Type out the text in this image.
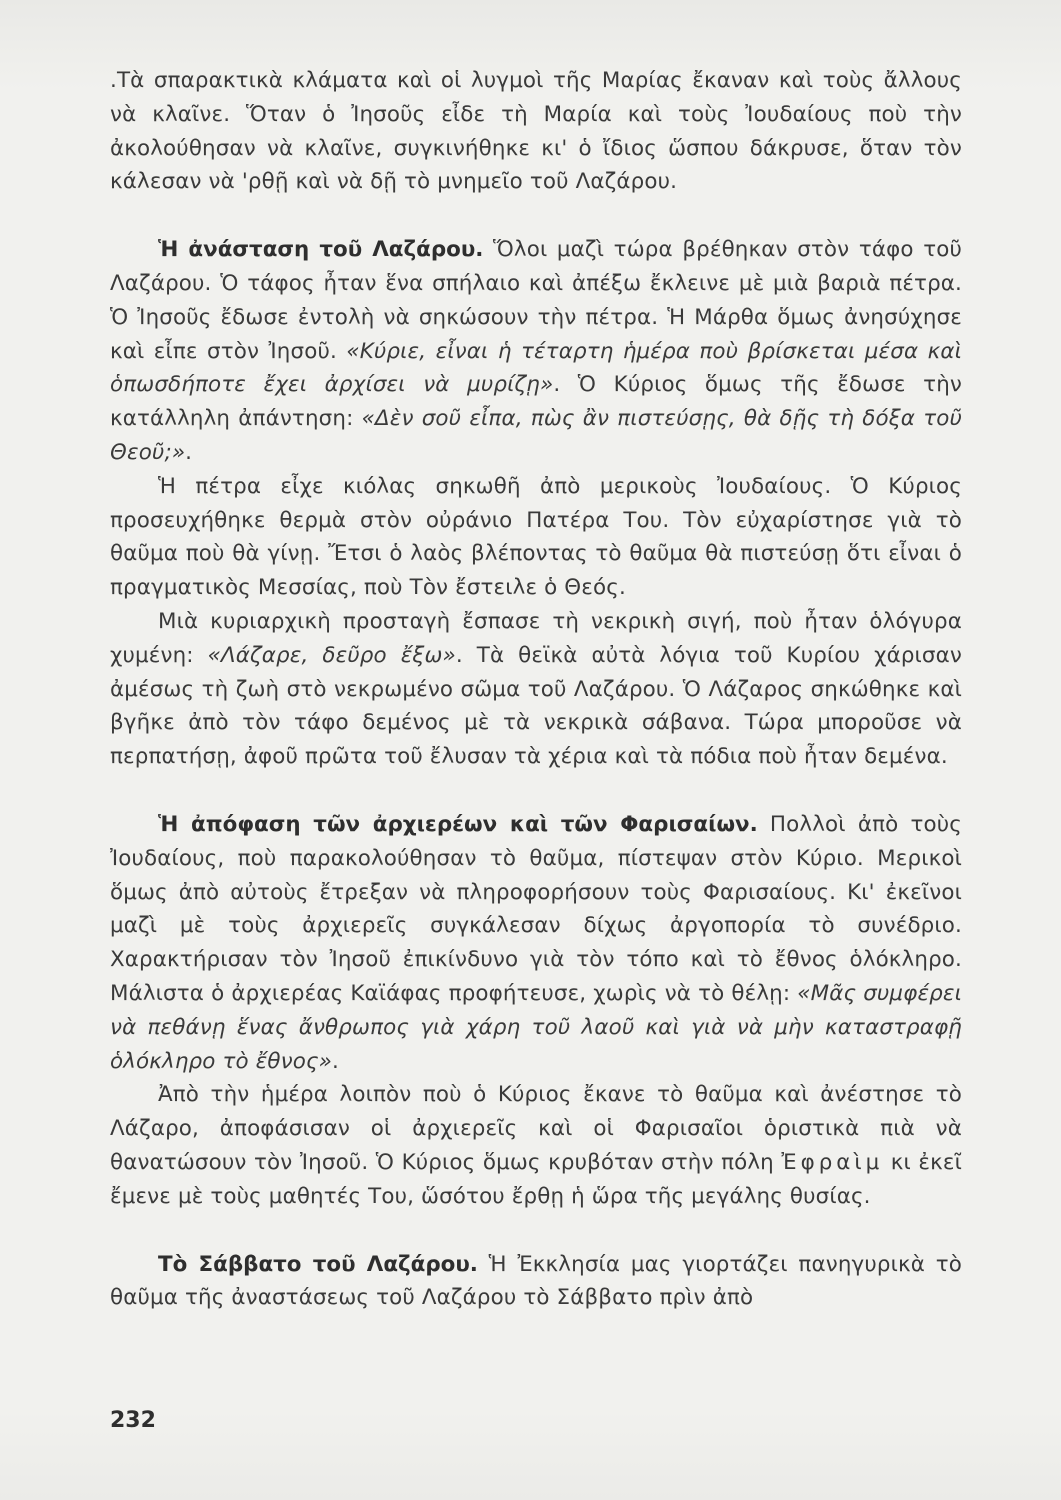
.Τὰ σπαρακτικὰ κλάματα καὶ οἱ λυγμοὶ τῆς Μαρίας ἔκαναν καὶ τοὺς ἄλλους νὰ κλαῖνε. Ὅταν ὁ Ἰησοῦς εἶδε τὴ Μαρία καὶ τοὺς Ἰουδαίους ποὺ τὴν ἀκολούθησαν νὰ κλαῖνε, συγκινήθηκε κι' ὁ ἴδιος ὥσπου δάκρυσε, ὅταν τὸν κάλεσαν νὰ 'ρθῇ καὶ νὰ δῇ τὸ μνημεῖο τοῦ Λαζάρου.

Ἡ ἀνάσταση τοῦ Λαζάρου. Ὅλοι μαζὶ τώρα βρέθηκαν στὸν τάφο τοῦ Λαζάρου. Ὁ τάφος ἦταν ἕνα σπήλαιο καὶ ἀπέξω ἔκλεινε μὲ μιὰ βαριὰ πέτρα. Ὁ Ἰησοῦς ἔδωσε ἐντολὴ νὰ σηκώσουν τὴν πέτρα. Ἡ Μάρθα ὅμως ἀνησύχησε καὶ εἶπε στὸν Ἰησοῦ. «Κύριε, εἶναι ἡ τέταρτη ἡμέρα ποὺ βρίσκεται μέσα καὶ ὁπωσδήποτε ἔχει ἀρχίσει νὰ μυρίζῃ». Ὁ Κύριος ὅμως τῆς ἔδωσε τὴν κατάλληλη ἀπάντηση: «Δὲν σοῦ εἶπα, πὼς ἂν πιστεύσῃς, θὰ δῇς τὴ δόξα τοῦ Θεοῦ;».

Ἡ πέτρα εἶχε κιόλας σηκωθῆ ἀπὸ μερικοὺς Ἰουδαίους. Ὁ Κύριος προσευχήθηκε θερμὰ στὸν οὐράνιο Πατέρα Του. Τὸν εὐχαρίστησε γιὰ τὸ θαῦμα ποὺ θὰ γίνῃ. Ἔτσι ὁ λαὸς βλέποντας τὸ θαῦμα θὰ πιστεύσῃ ὅτι εἶναι ὁ πραγματικὸς Μεσσίας, ποὺ Τὸν ἔστειλε ὁ Θεός.

Μιὰ κυριαρχικὴ προσταγὴ ἔσπασε τὴ νεκρικὴ σιγή, ποὺ ἦταν ὁλόγυρα χυμένη: «Λάζαρε, δεῦρο ἔξω». Τὰ θεϊκὰ αὐτὰ λόγια τοῦ Κυρίου χάρισαν ἀμέσως τὴ ζωὴ στὸ νεκρωμένο σῶμα τοῦ Λαζάρου. Ὁ Λάζαρος σηκώθηκε καὶ βγῆκε ἀπὸ τὸν τάφο δεμένος μὲ τὰ νεκρικὰ σάβανα. Τώρα μποροῦσε νὰ περπατήσῃ, ἀφοῦ πρῶτα τοῦ ἔλυσαν τὰ χέρια καὶ τὰ πόδια ποὺ ἦταν δεμένα.

Ἡ ἀπόφαση τῶν ἀρχιερέων καὶ τῶν Φαρισαίων. Πολλοὶ ἀπὸ τοὺς Ἰουδαίους, ποὺ παρακολούθησαν τὸ θαῦμα, πίστεψαν στὸν Κύριο. Μερικοὶ ὅμως ἀπὸ αὐτοὺς ἔτρεξαν νὰ πληροφορήσουν τοὺς Φαρισαίους. Κι' ἐκεῖνοι μαζὶ μὲ τοὺς ἀρχιερεῖς συγκάλεσαν δίχως ἀργοπορία τὸ συνέδριο. Χαρακτήρισαν τὸν Ἰησοῦ ἐπικίνδυνο γιὰ τὸν τόπο καὶ τὸ ἔθνος ὁλόκληρο. Μάλιστα ὁ ἀρχιερέας Καϊάφας προφήτευσε, χωρὶς νὰ τὸ θέλῃ: «Μᾶς συμφέρει νὰ πεθάνῃ ἕνας ἄνθρωπος γιὰ χάρη τοῦ λαοῦ καὶ γιὰ νὰ μὴν καταστραφῇ ὁλόκληρο τὸ ἔθνος».

Ἀπὸ τὴν ἡμέρα λοιπὸν ποὺ ὁ Κύριος ἔκανε τὸ θαῦμα καὶ ἀνέστησε τὸ Λάζαρο, ἀποφάσισαν οἱ ἀρχιερεῖς καὶ οἱ Φαρισαῖοι ὁριστικὰ πιὰ νὰ θανατώσουν τὸν Ἰησοῦ. Ὁ Κύριος ὅμως κρυβόταν στὴν πόλη Ἐφραὶμ κι ἐκεῖ ἔμενε μὲ τοὺς μαθητές Του, ὥσότου ἔρθῃ ἡ ὥρα τῆς μεγάλης θυσίας.

Τὸ Σάββατο τοῦ Λαζάρου. Ἡ Ἐκκλησία μας γιορτάζει πανηγυρικὰ τὸ θαῦμα τῆς ἀναστάσεως τοῦ Λαζάρου τὸ Σάββατο πρὶν ἀπὸ

232
